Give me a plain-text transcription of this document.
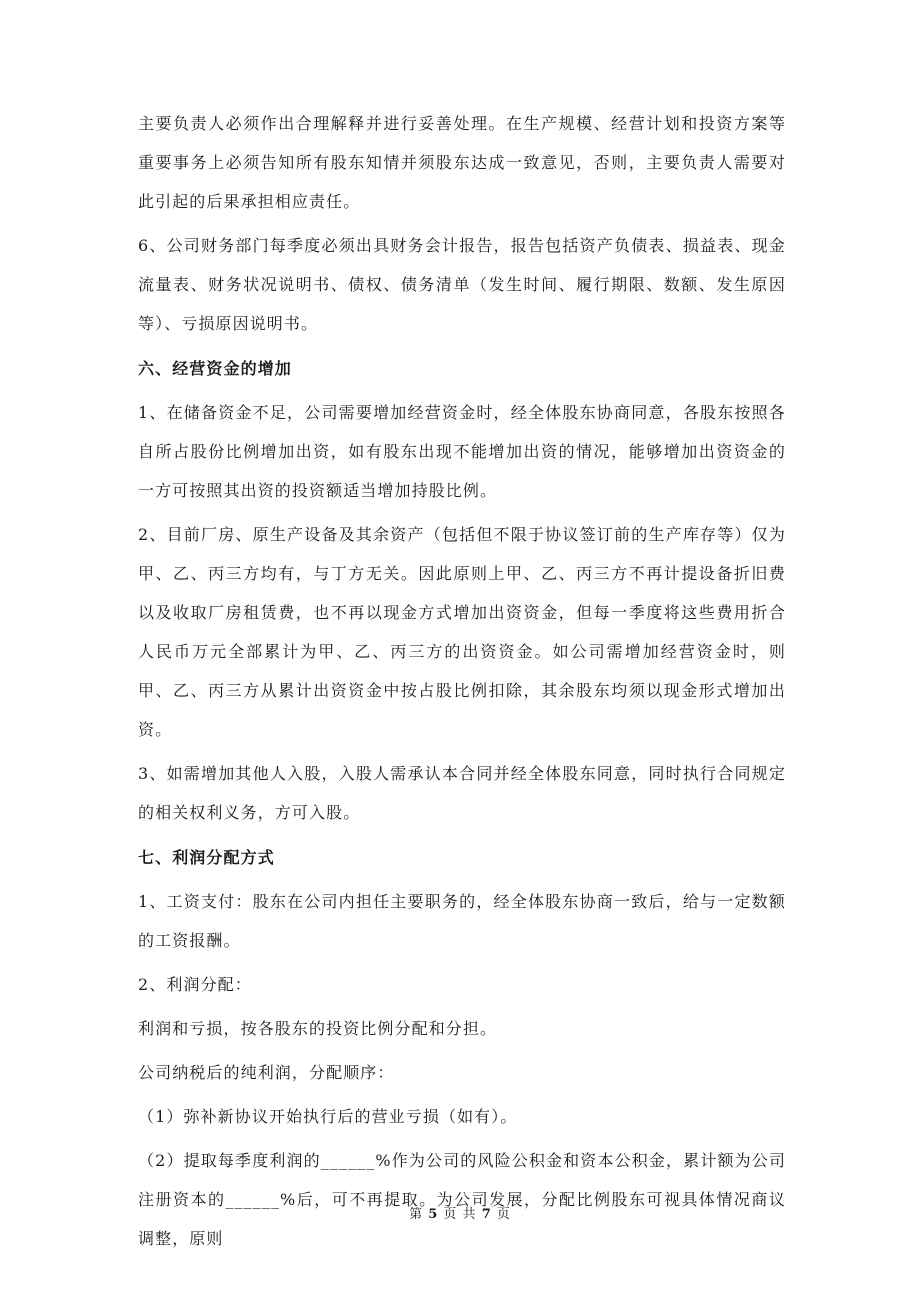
主要负责人必须作出合理解释并进行妥善处理。在生产规模、经营计划和投资方案等重要事务上必须告知所有股东知情并须股东达成一致意见，否则，主要负责人需要对此引起的后果承担相应责任。

6、公司财务部门每季度必须出具财务会计报告，报告包括资产负债表、损益表、现金流量表、财务状况说明书、债权、债务清单（发生时间、履行期限、数额、发生原因等）、亏损原因说明书。

六、经营资金的增加

1、在储备资金不足，公司需要增加经营资金时，经全体股东协商同意，各股东按照各自所占股份比例增加出资，如有股东出现不能增加出资的情况，能够增加出资资金的一方可按照其出资的投资额适当增加持股比例。

2、目前厂房、原生产设备及其余资产（包括但不限于协议签订前的生产库存等）仅为甲、乙、丙三方均有，与丁方无关。因此原则上甲、乙、丙三方不再计提设备折旧费以及收取厂房租赁费，也不再以现金方式增加出资资金，但每一季度将这些费用折合人民币万元全部累计为甲、乙、丙三方的出资资金。如公司需增加经营资金时，则甲、乙、丙三方从累计出资资金中按占股比例扣除，其余股东均须以现金形式增加出资。

3、如需增加其他人入股，入股人需承认本合同并经全体股东同意，同时执行合同规定的相关权利义务，方可入股。

七、利润分配方式

1、工资支付：股东在公司内担任主要职务的，经全体股东协商一致后，给与一定数额的工资报酬。

2、利润分配：

利润和亏损，按各股东的投资比例分配和分担。

公司纳税后的纯利润，分配顺序：

（1）弥补新协议开始执行后的营业亏损（如有）。

（2）提取每季度利润的______%作为公司的风险公积金和资本公积金，累计额为公司注册资本的______%后，可不再提取。为公司发展，分配比例股东可视具体情况商议调整，原则

第 5 页 共 7 页
